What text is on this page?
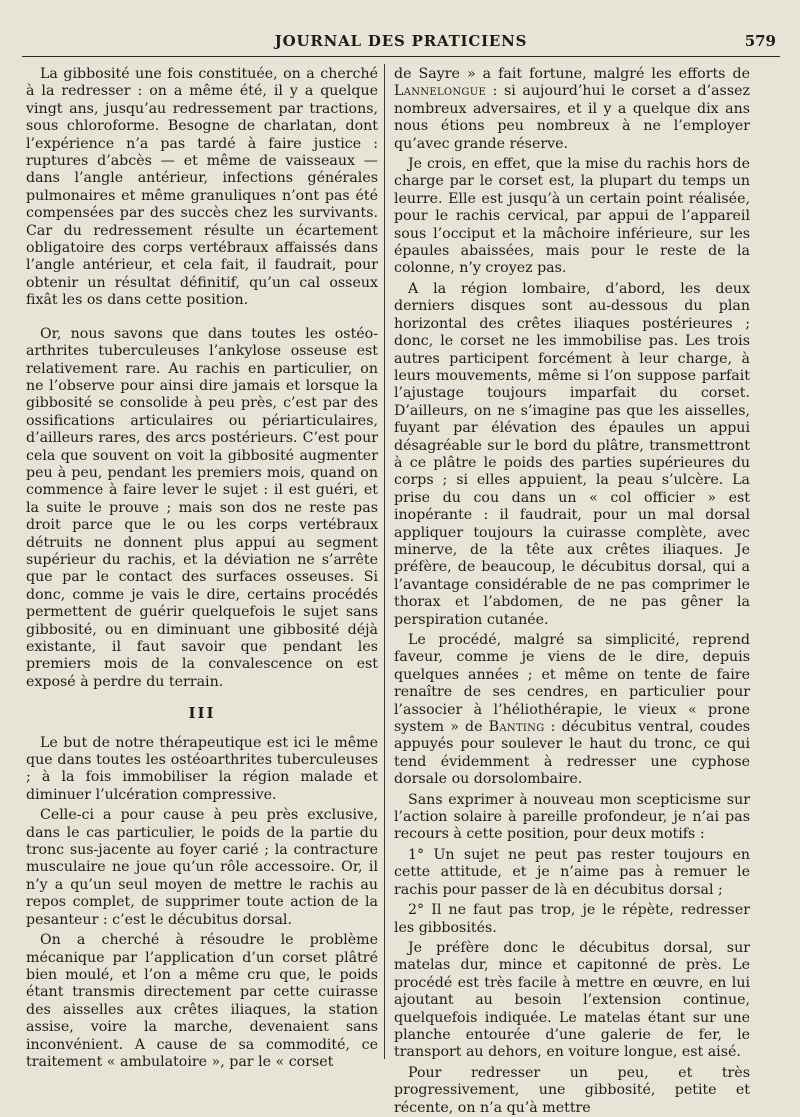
JOURNAL DES PRATICIENS	579

La gibbosité une fois constituée, on a cherché à la redresser : on a même été, il y a quelque vingt ans, jusqu’au redressement par tractions, sous chloroforme. Besogne de charlatan, dont l’expérience n’a pas tardé à faire justice : ruptures d’abcès — et même de vaisseaux — dans l’angle antérieur, infections générales pulmonaires et même granuliques n’ont pas été compensées par des succès chez les survivants. Car du redressement résulte un écartement obligatoire des corps vertébraux affaissés dans l’angle antérieur, et cela fait, il faudrait, pour obtenir un résultat définitif, qu’un cal osseux fixât les os dans cette position.

Or, nous savons que dans toutes les ostéo-arthrites tuberculeuses l’ankylose osseuse est relativement rare. Au rachis en particulier, on ne l’observe pour ainsi dire jamais et lorsque la gibbosité se consolide à peu près, c’est par des ossifications articulaires ou périarticulaires, d’ailleurs rares, des arcs postérieurs. C’est pour cela que souvent on voit la gibbosité augmenter peu à peu, pendant les premiers mois, quand on commence à faire lever le sujet : il est guéri, et la suite le prouve ; mais son dos ne reste pas droit parce que le ou les corps vertébraux détruits ne donnent plus appui au segment supérieur du rachis, et la déviation ne s’arrête que par le contact des surfaces osseuses. Si donc, comme je vais le dire, certains procédés permettent de guérir quelquefois le sujet sans gibbosité, ou en diminuant une gibbosité déjà existante, il faut savoir que pendant les premiers mois de la convalescence on est exposé à perdre du terrain.

III

Le but de notre thérapeutique est ici le même que dans toutes les ostéoarthrites tuberculeuses ; à la fois immobiliser la région malade et diminuer l’ulcération compressive.

Celle-ci a pour cause à peu près exclusive, dans le cas particulier, le poids de la partie du tronc sus-jacente au foyer carié ; la contracture musculaire ne joue qu’un rôle accessoire. Or, il n’y a qu’un seul moyen de mettre le rachis au repos complet, de supprimer toute action de la pesanteur : c’est le décubitus dorsal.

On a cherché à résoudre le problème mécanique par l’application d’un corset plâtré bien moulé, et l’on a même cru que, le poids étant transmis directement par cette cuirasse des aisselles aux crêtes iliaques, la station assise, voire la marche, devenaient sans inconvénient. A cause de sa commodité, ce traitement « ambulatoire », par le « corset

de Sayre » a fait fortune, malgré les efforts de Lannelongue : si aujourd’hui le corset a d’assez nombreux adversaires, et il y a quelque dix ans nous étions peu nombreux à ne l’employer qu’avec grande réserve.

Je crois, en effet, que la mise du rachis hors de charge par le corset est, la plupart du temps un leurre. Elle est jusqu’à un certain point réalisée, pour le rachis cervical, par appui de l’appareil sous l’occiput et la mâchoire inférieure, sur les épaules abaissées, mais pour le reste de la colonne, n’y croyez pas.

A la région lombaire, d’abord, les deux derniers disques sont au-dessous du plan horizontal des crêtes iliaques postérieures ; donc, le corset ne les immobilise pas. Les trois autres participent forcément à leur charge, à leurs mouvements, même si l’on suppose parfait l’ajustage toujours imparfait du corset. D’ailleurs, on ne s’imagine pas que les aisselles, fuyant par élévation des épaules un appui désagréable sur le bord du plâtre, transmettront à ce plâtre le poids des parties supérieures du corps ; si elles appuient, la peau s’ulcère. La prise du cou dans un « col officier » est inopérante : il faudrait, pour un mal dorsal appliquer toujours la cuirasse complète, avec minerve, de la tête aux crêtes iliaques. Je préfère, de beaucoup, le décubitus dorsal, qui a l’avantage considérable de ne pas comprimer le thorax et l’abdomen, de ne pas gêner la perspiration cutanée.

Le procédé, malgré sa simplicité, reprend faveur, comme je viens de le dire, depuis quelques années ; et même on tente de faire renaître de ses cendres, en particulier pour l’associer à l’héliothérapie, le vieux « prone system » de Banting : décubitus ventral, coudes appuyés pour soulever le haut du tronc, ce qui tend évidemment à redresser une cyphose dorsale ou dorsolombaire.

Sans exprimer à nouveau mon scepticisme sur l’action solaire à pareille profondeur, je n’ai pas recours à cette position, pour deux motifs :

1° Un sujet ne peut pas rester toujours en cette attitude, et je n’aime pas à remuer le rachis pour passer de là en décubitus dorsal ;

2° Il ne faut pas trop, je le répète, redresser les gibbosités.

Je préfère donc le décubitus dorsal, sur matelas dur, mince et capitonné de près. Le procédé est très facile à mettre en œuvre, en lui ajoutant au besoin l’extension continue, quelquefois indiquée. Le matelas étant sur une planche entourée d’une galerie de fer, le transport au dehors, en voiture longue, est aisé.

Pour redresser un peu, et très progressivement, une gibbosité, petite et récente, on n’a qu’à mettre
